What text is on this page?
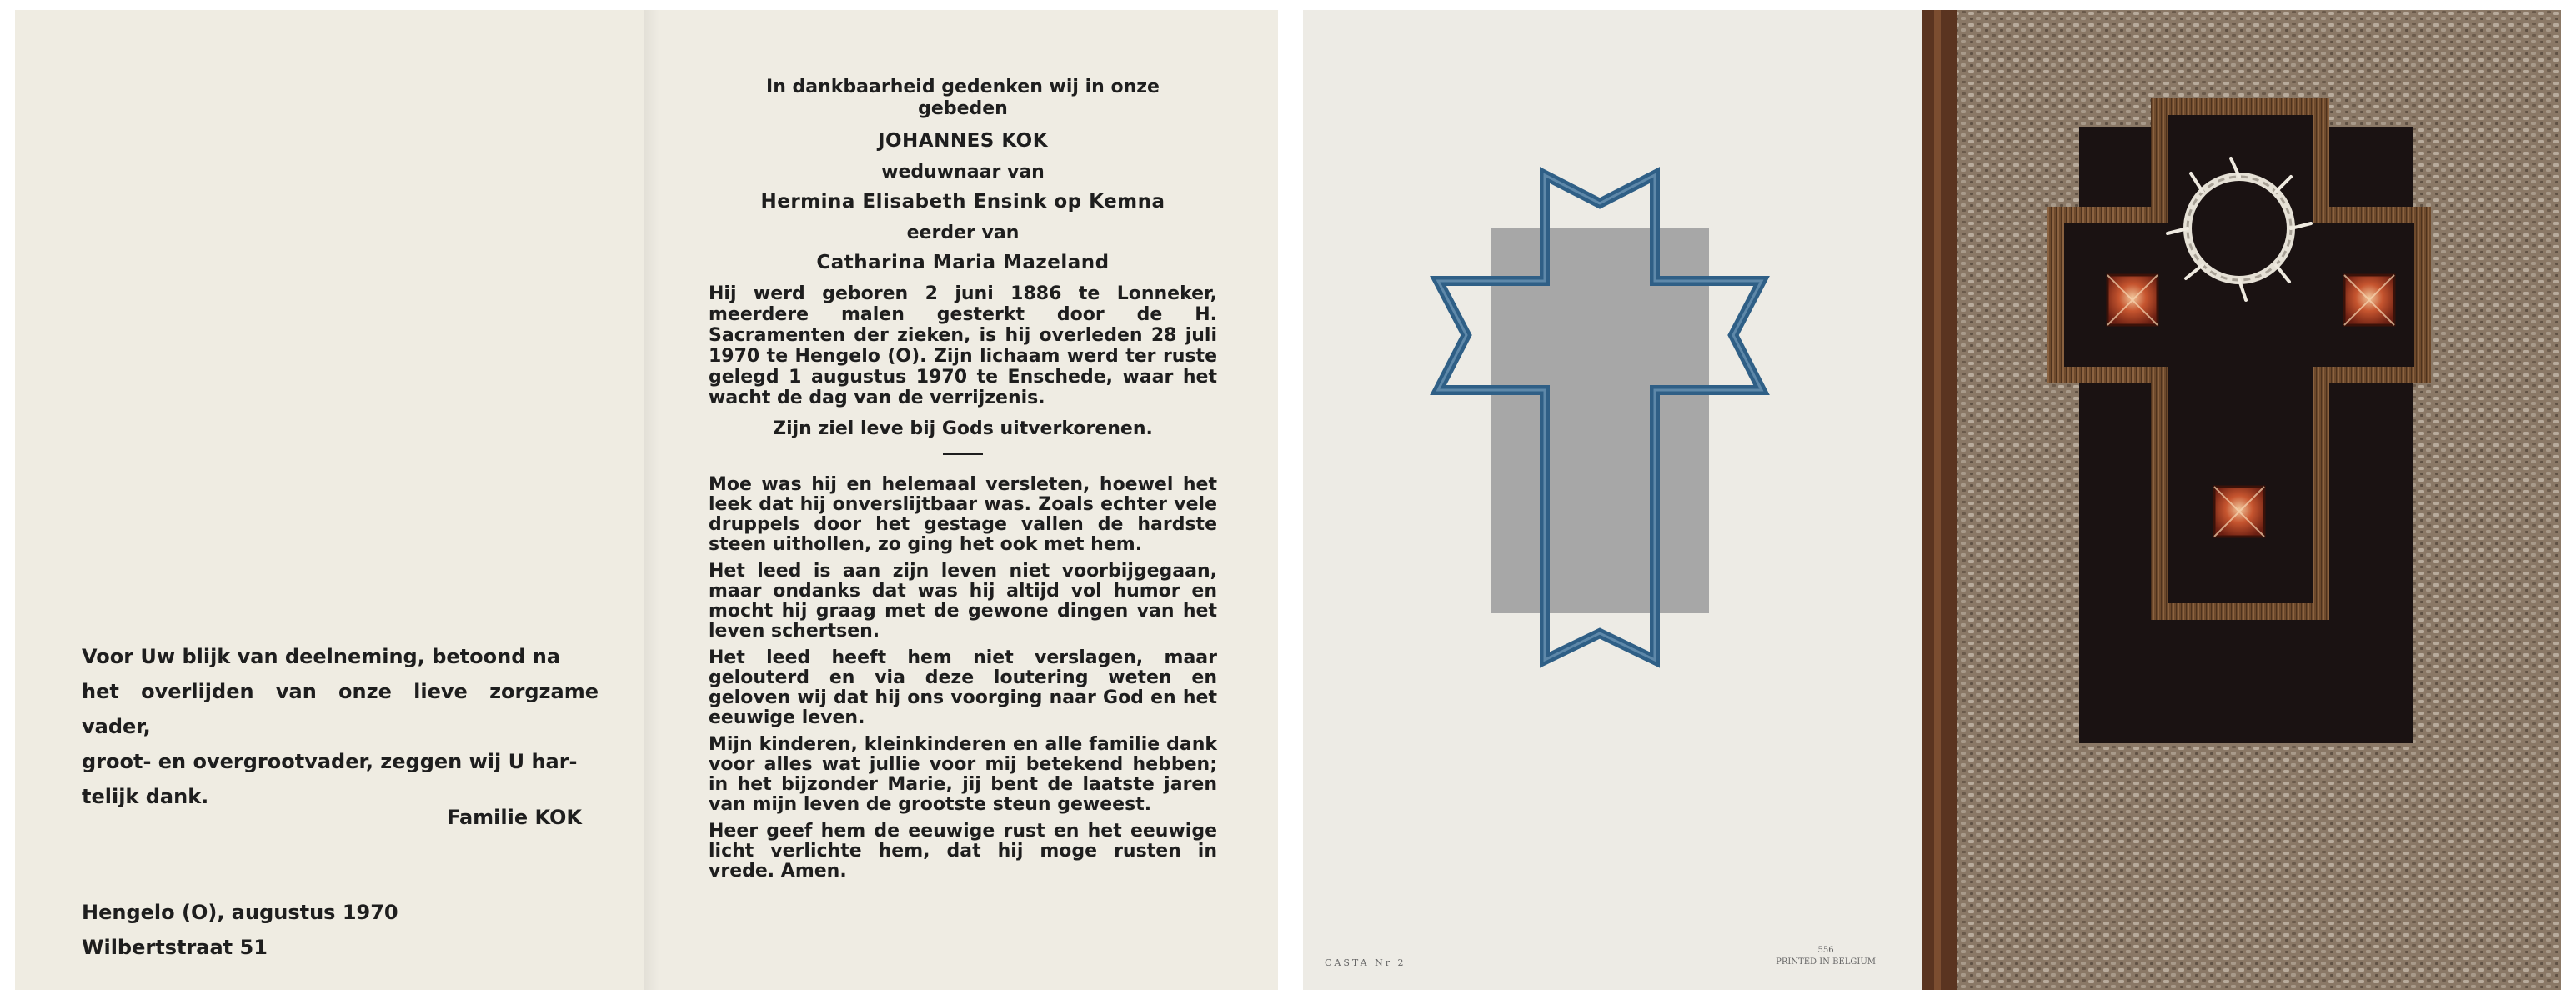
Voor Uw blijk van deelneming, betoond na

het overlijden van onze lieve zorgzame vader,

groot- en overgrootvader, zeggen wij U har-

telijk dank.

Familie KOK
Hengelo (O), augustus 1970
Wilbertstraat 51
In dankbaarheid gedenken wij in onze
gebeden
JOHANNES KOK
weduwnaar van
Hermina Elisabeth Ensink op Kemna
eerder van
Catharina Maria Mazeland
Hij werd geboren 2 juni 1886 te Lonneker, meerdere malen gesterkt door de H. Sacramenten der zieken, is hij overleden 28 juli 1970 te Hengelo (O). Zijn lichaam werd ter ruste gelegd 1 augustus 1970 te Enschede, waar het wacht de dag van de verrijzenis.
Zijn ziel leve bij Gods uitverkorenen.
Moe was hij en helemaal versleten, hoewel het leek dat hij onverslijtbaar was. Zoals echter vele druppels door het gestage vallen de hardste steen uithollen, zo ging het ook met hem.
Het leed is aan zijn leven niet voorbijgegaan, maar ondanks dat was hij altijd vol humor en mocht hij graag met de gewone dingen van het leven schertsen.
Het leed heeft hem niet verslagen, maar gelouterd en via deze loutering weten en geloven wij dat hij ons voorging naar God en het eeuwige leven.
Mijn kinderen, kleinkinderen en alle familie dank voor alles wat jullie voor mij betekend hebben; in het bijzonder Marie, jij bent de laatste jaren van mijn leven de grootste steun geweest.
Heer geef hem de eeuwige rust en het eeuwige licht verlichte hem, dat hij moge rusten in vrede. Amen.
CASTA Nr 2
556
PRINTED IN BELGIUM
